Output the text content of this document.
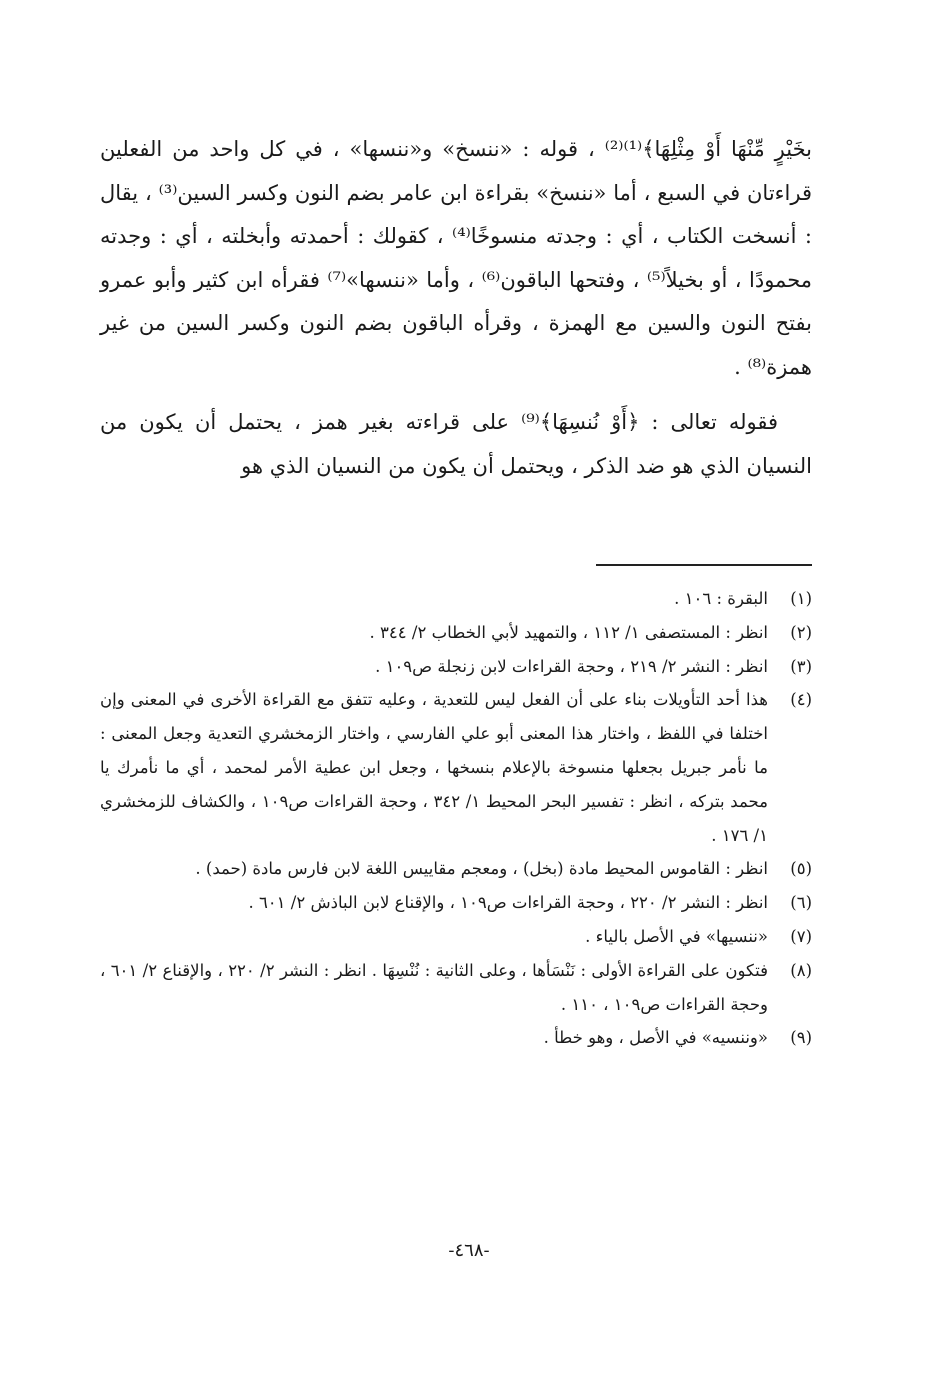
بخَيْرٍ مِّنْهَا أَوْ مِثْلِهَا﴾⁽¹⁾⁽²⁾ ، قوله : «ننسخ» و«ننسها» ، في كل واحد من الفعلين قراءتان في السبع ، أما «ننسخ» بقراءة ابن عامر بضم النون وكسر السين⁽³⁾ ، يقال : أنسخت الكتاب ، أي : وجدته منسوخًا⁽⁴⁾ ، كقولك : أحمدته وأبخلته ، أي : وجدته محمودًا ، أو بخيلاً⁽⁵⁾ ، وفتحها الباقون⁽⁶⁾ ، وأما «ننسها»⁽⁷⁾ فقرأه ابن كثير وأبو عمرو بفتح النون والسين مع الهمزة ، وقرأه الباقون بضم النون وكسر السين من غير همزة⁽⁸⁾ .

فقوله تعالى : ﴿أَوْ نُنسِهَا﴾⁽⁹⁾ على قراءته بغير همز ، يحتمل أن يكون من النسيان الذي هو ضد الذكر ، ويحتمل أن يكون من النسيان الذي هو

(١)
البقرة : ١٠٦ .
(٢)
انظر : المستصفى ١/ ١١٢ ، والتمهيد لأبي الخطاب ٢/ ٣٤٤ .
(٣)
انظر : النشر ٢/ ٢١٩ ، وحجة القراءات لابن زنجلة ص١٠٩ .
(٤)
هذا أحد التأويلات بناء على أن الفعل ليس للتعدية ، وعليه تتفق مع القراءة الأخرى في المعنى وإن اختلفا في اللفظ ، واختار هذا المعنى أبو علي الفارسي ، واختار الزمخشري التعدية وجعل المعنى : ما نأمر جبريل بجعلها منسوخة بالإعلام بنسخها ، وجعل ابن عطية الأمر لمحمد ، أي ما نأمرك يا محمد بتركه ، انظر : تفسير البحر المحيط ١/ ٣٤٢ ، وحجة القراءات ص١٠٩ ، والكشاف للزمخشري ١/ ١٧٦ .
(٥)
انظر : القاموس المحيط مادة (بخل) ، ومعجم مقاييس اللغة لابن فارس مادة (حمد) .
(٦)
انظر : النشر ٢/ ٢٢٠ ، وحجة القراءات ص١٠٩ ، والإقناع لابن الباذش ٢/ ٦٠١ .
(٧)
«ننسيها» في الأصل بالياء .
(٨)
فتكون على القراءة الأولى : نَنْسَأها ، وعلى الثانية : نُنْسِهَا . انظر : النشر ٢/ ٢٢٠ ، والإقناع ٢/ ٦٠١ ، وحجة القراءات ص١٠٩ ، ١١٠ .
(٩)
«وننسيه» في الأصل ، وهو خطأ .
-٤٦٨-
